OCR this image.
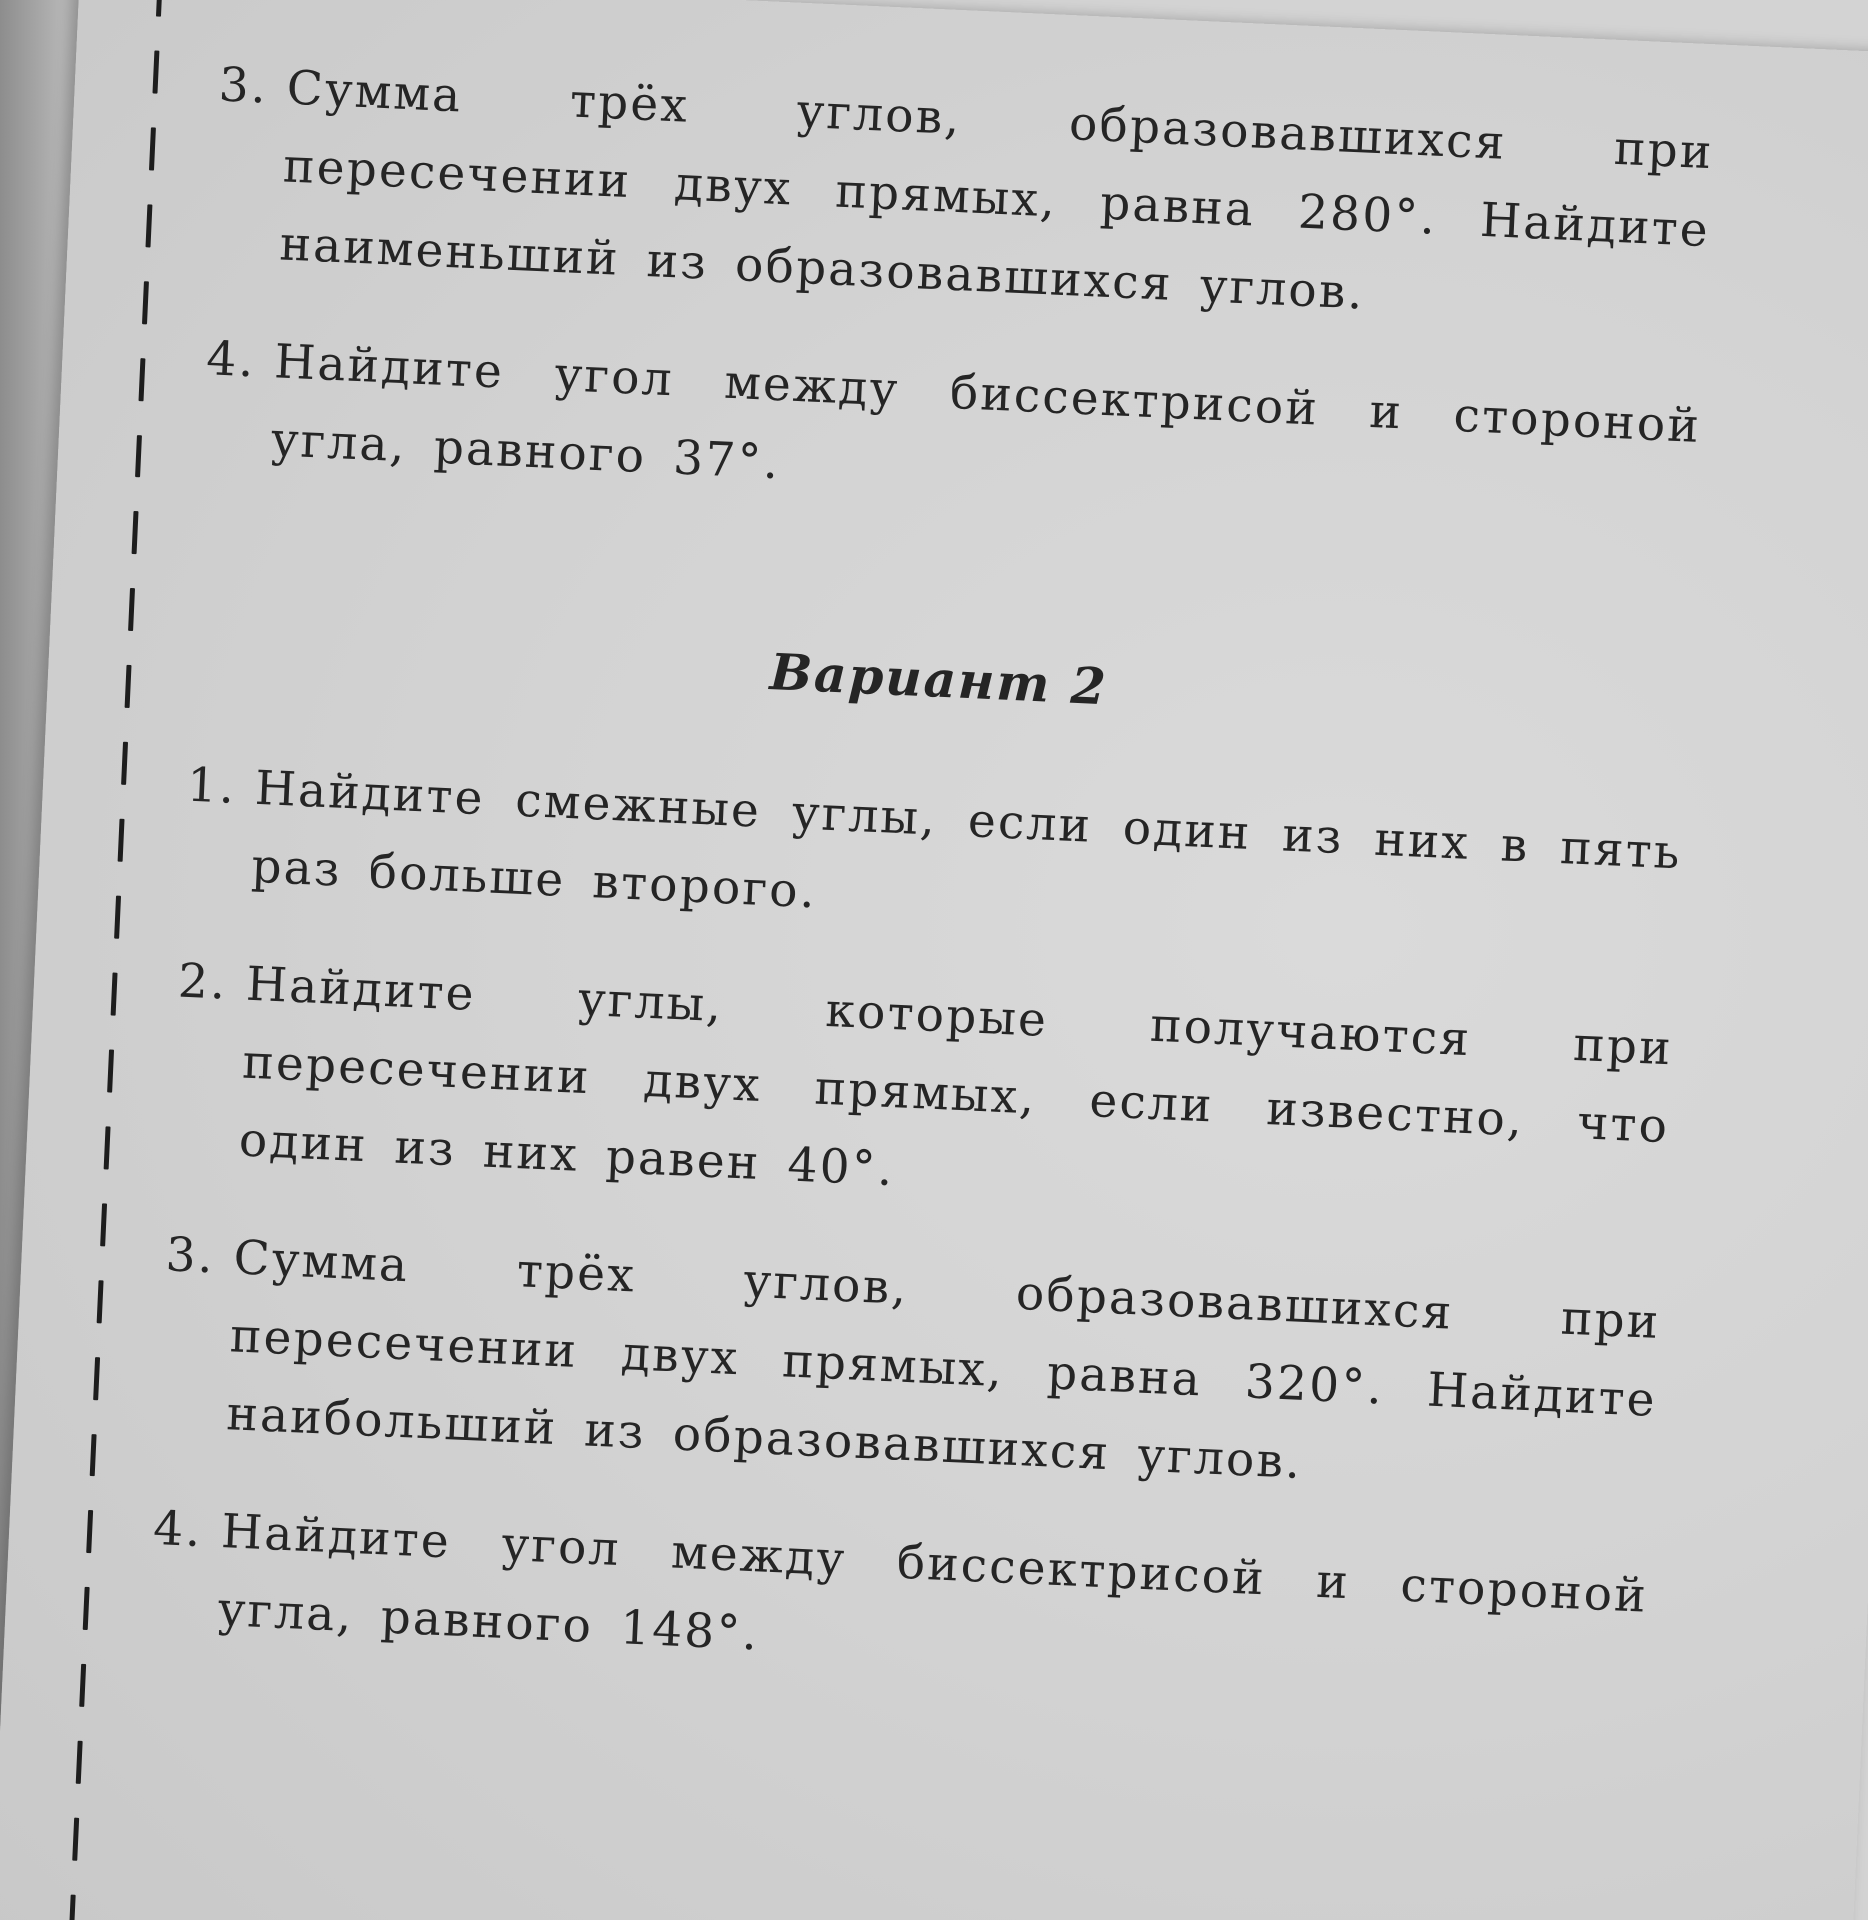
3. Сумма трёх углов, образовавшихся при пересечении двух прямых, равна 280°. Найдите наименьший из образовавшихся углов.
4. Найдите угол между биссектрисой и стороной угла, равного 37°.
Вариант 2
1. Найдите смежные углы, если один из них в пять раз больше второго.
2. Найдите углы, которые получаются при пересечении двух прямых, если известно, что один из них равен 40°.
3. Сумма трёх углов, образовавшихся при пересечении двух прямых, равна 320°. Найдите наибольший из образовавшихся углов.
4. Найдите угол между биссектрисой и стороной угла, равного 148°.
